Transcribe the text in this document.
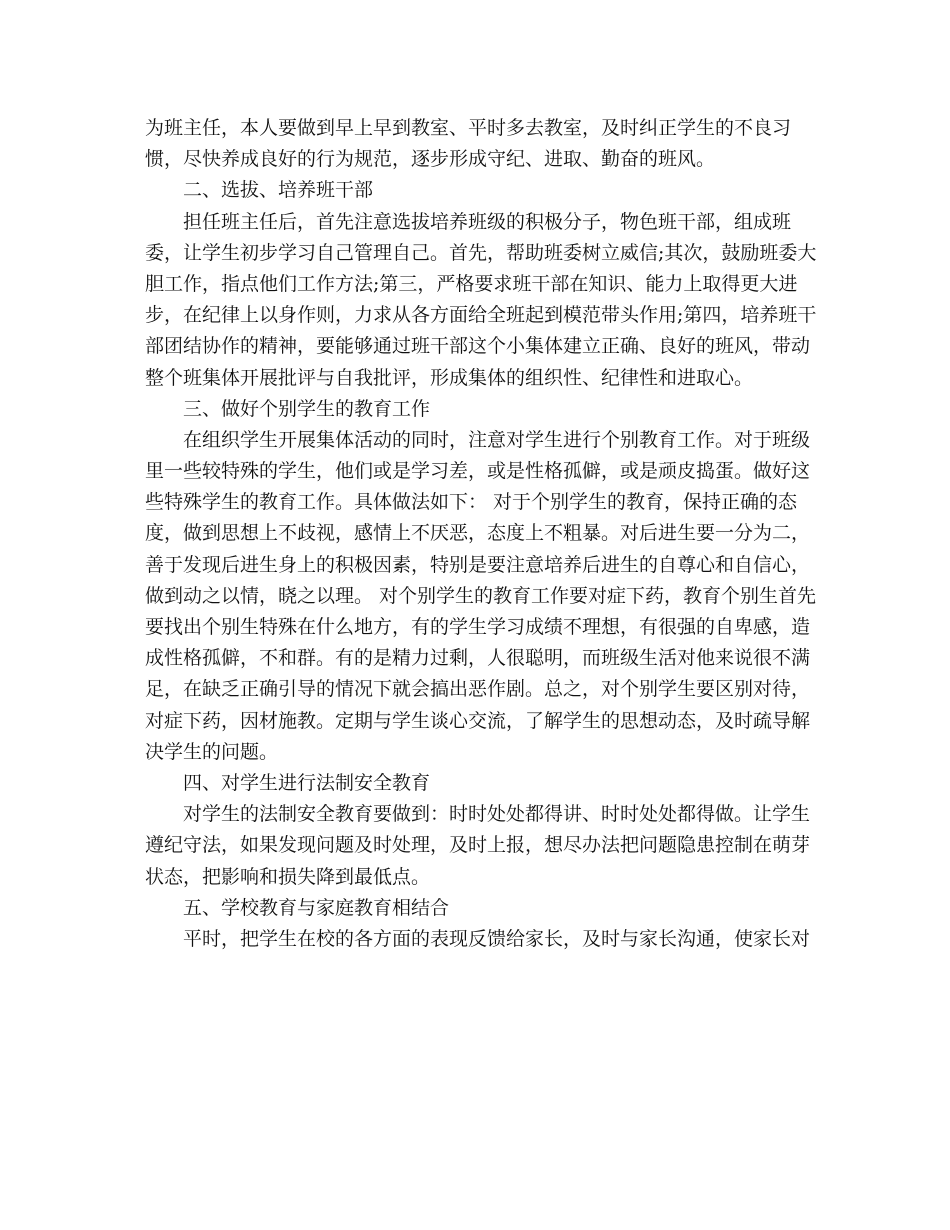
为班主任，本人要做到早上早到教室、平时多去教室，及时纠正学生的不良习
惯，尽快养成良好的行为规范，逐步形成守纪、进取、勤奋的班风。
　　二、选拔、培养班干部
　　担任班主任后，首先注意选拔培养班级的积极分子，物色班干部，组成班
委，让学生初步学习自己管理自己。首先，帮助班委树立威信;其次，鼓励班委大
胆工作，指点他们工作方法;第三，严格要求班干部在知识、能力上取得更大进
步，在纪律上以身作则，力求从各方面给全班起到模范带头作用;第四，培养班干
部团结协作的精神，要能够通过班干部这个小集体建立正确、良好的班风，带动
整个班集体开展批评与自我批评，形成集体的组织性、纪律性和进取心。
　　三、做好个别学生的教育工作
　　在组织学生开展集体活动的同时，注意对学生进行个别教育工作。对于班级
里一些较特殊的学生，他们或是学习差，或是性格孤僻，或是顽皮捣蛋。做好这
些特殊学生的教育工作。具体做法如下： 对于个别学生的教育，保持正确的态
度，做到思想上不歧视，感情上不厌恶，态度上不粗暴。对后进生要一分为二，
善于发现后进生身上的积极因素，特别是要注意培养后进生的自尊心和自信心，
做到动之以情，晓之以理。 对个别学生的教育工作要对症下药，教育个别生首先
要找出个别生特殊在什么地方，有的学生学习成绩不理想，有很强的自卑感，造
成性格孤僻，不和群。有的是精力过剩，人很聪明，而班级生活对他来说很不满
足，在缺乏正确引导的情况下就会搞出恶作剧。总之，对个别学生要区别对待，
对症下药，因材施教。定期与学生谈心交流，了解学生的思想动态，及时疏导解
决学生的问题。
　　四、对学生进行法制安全教育
　　对学生的法制安全教育要做到：时时处处都得讲、时时处处都得做。让学生
遵纪守法，如果发现问题及时处理，及时上报，想尽办法把问题隐患控制在萌芽
状态，把影响和损失降到最低点。
　　五、学校教育与家庭教育相结合
　　平时，把学生在校的各方面的表现反馈给家长，及时与家长沟通，使家长对
